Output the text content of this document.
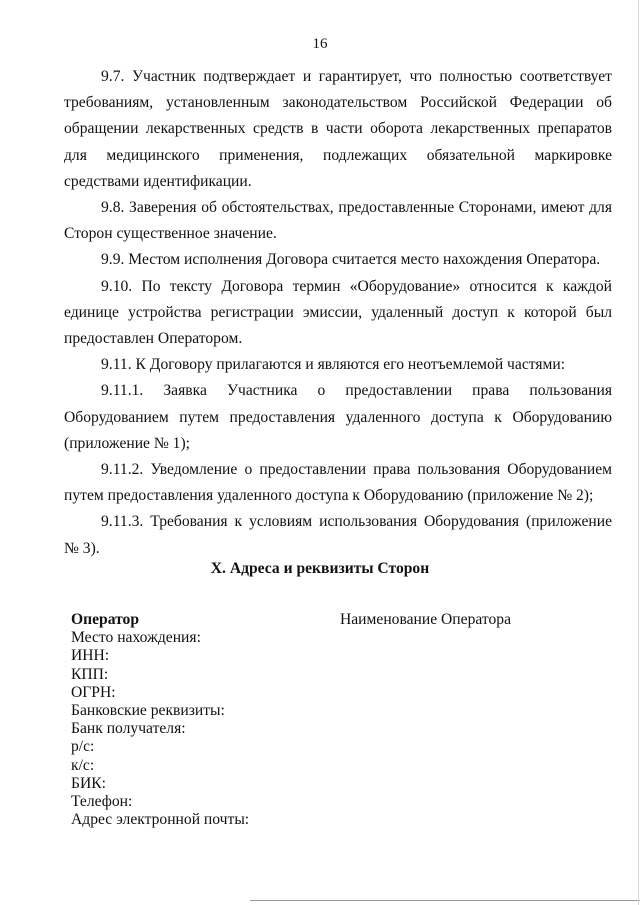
16

9.7. Участник подтверждает и гарантирует, что полностью соответствует требованиям, установленным законодательством Российской Федерации об обращении лекарственных средств в части оборота лекарственных препаратов для медицинского применения, подлежащих обязательной маркировке средствами идентификации.

9.8. Заверения об обстоятельствах, предоставленные Сторонами, имеют для Сторон существенное значение.

9.9. Местом исполнения Договора считается место нахождения Оператора.

9.10. По тексту Договора термин «Оборудование» относится к каждой единице устройства регистрации эмиссии, удаленный доступ к которой был предоставлен Оператором.

9.11. К Договору прилагаются и являются его неотъемлемой частями:

9.11.1. Заявка Участника о предоставлении права пользования Оборудованием путем предоставления удаленного доступа к Оборудованию (приложение № 1);

9.11.2. Уведомление о предоставлении права пользования Оборудованием путем предоставления удаленного доступа к Оборудованию (приложение № 2);

9.11.3. Требования к условиям использования Оборудования (приложение № 3).

X. Адреса и реквизиты Сторон
Оператор
Место нахождения:
ИНН:
КПП:
ОГРН:
Банковские реквизиты:
Банк получателя:
р/с:
к/с:
БИК:
Телефон:
Адрес электронной почты:
Наименование Оператора
